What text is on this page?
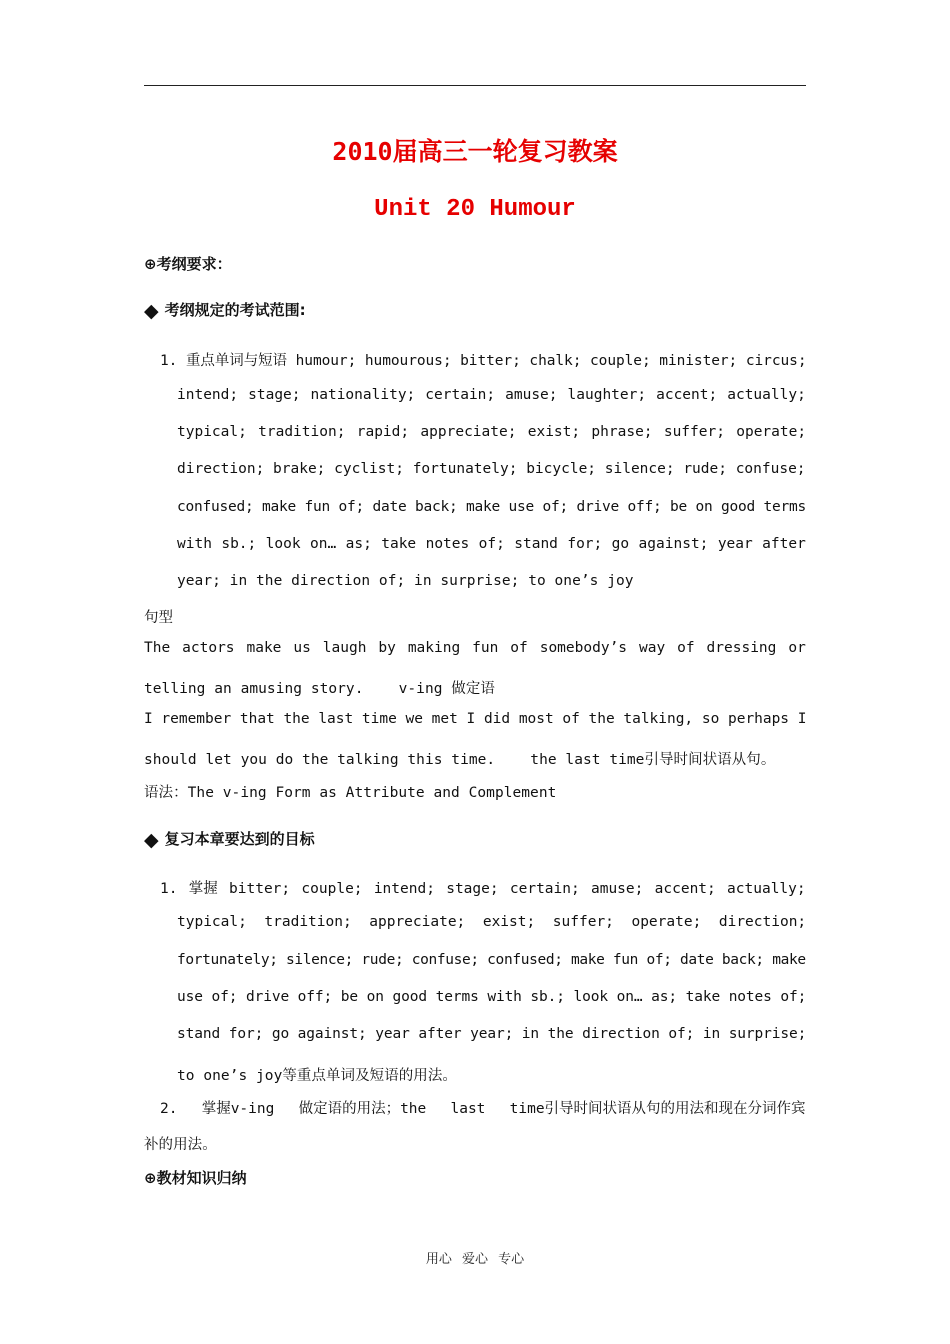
2010届高三一轮复习教案
Unit 20 Humour
⊕考纲要求：
◆ 考纲规定的考试范围:
1. 重点单词与短语 humour; humourous; bitter; chalk; couple; minister; circus;
intend; stage; nationality; certain; amuse; laughter; accent; actually;
typical; tradition; rapid; appreciate; exist; phrase; suffer; operate;
direction; brake; cyclist; fortunately; bicycle; silence; rude; confuse;
confused; make fun of; date back; make use of; drive off; be on good terms
with sb.; look on… as; take notes of; stand for; go against; year after
year; in the direction of; in surprise; to one’s joy
句型
The actors make us laugh by making fun of somebody’s way of dressing or
telling an amusing story.    v-ing 做定语
I remember that the last time we met I did most of the talking, so perhaps I
should let you do the talking this time.    the last time引导时间状语从句。
语法：The v-ing Form as Attribute and Complement
◆ 复习本章要达到的目标
1. 掌握 bitter; couple; intend; stage; certain; amuse; accent; actually;
typical; tradition; appreciate; exist; suffer; operate; direction;
fortunately; silence; rude; confuse; confused; make fun of; date back; make
use of; drive off; be on good terms with sb.; look on… as; take notes of;
stand for; go against; year after year; in the direction of; in surprise;
to one’s joy等重点单词及短语的用法。
2. 掌握v-ing 做定语的用法；the last time引导时间状语从句的用法和现在分词作宾
补的用法。
⊕教材知识归纳
用心 爱心 专心
